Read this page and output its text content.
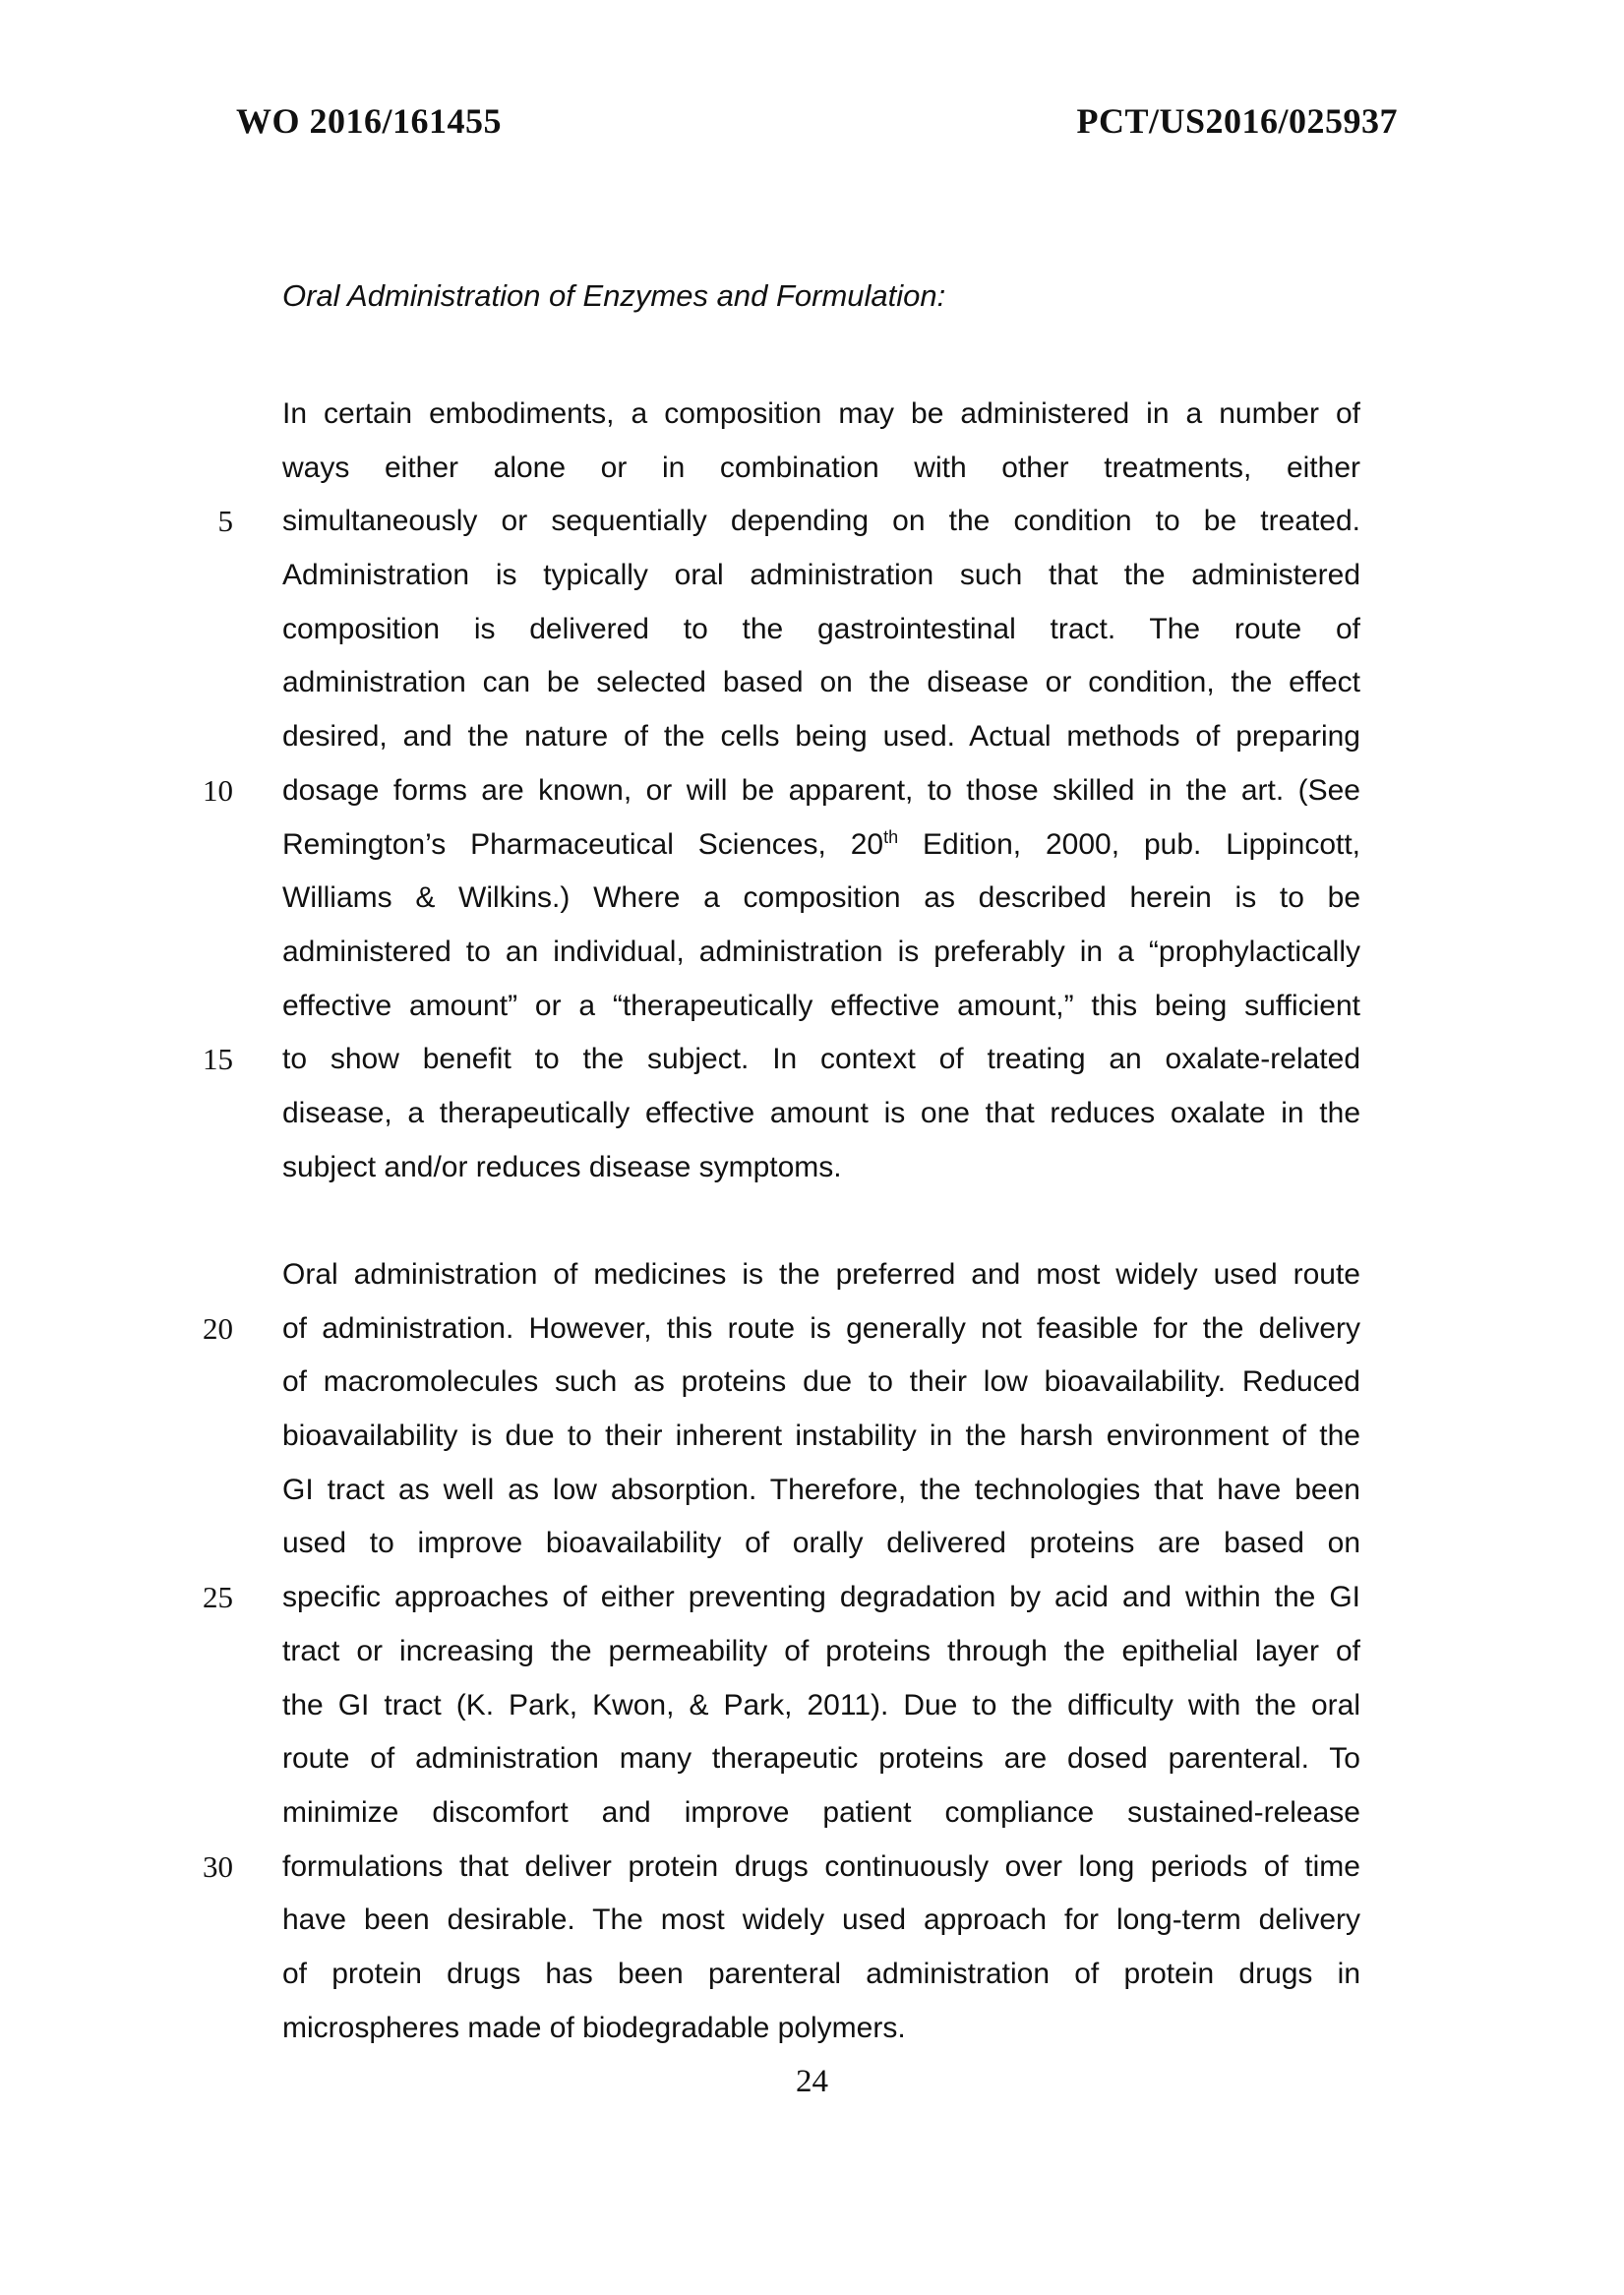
WO 2016/161455	PCT/US2016/025937
Oral Administration of Enzymes and Formulation:
In certain embodiments, a composition may be administered in a number of
ways either alone or in combination with other treatments, either
5 simultaneously or sequentially depending on the condition to be treated.
Administration is typically oral administration such that the administered
composition is delivered to the gastrointestinal tract. The route of
administration can be selected based on the disease or condition, the effect
desired, and the nature of the cells being used. Actual methods of preparing
10 dosage forms are known, or will be apparent, to those skilled in the art. (See
Remington’s Pharmaceutical Sciences, 20th Edition, 2000, pub. Lippincott,
Williams & Wilkins.) Where a composition as described herein is to be
administered to an individual, administration is preferably in a “prophylactically
effective amount” or a “therapeutically effective amount,” this being sufficient
15 to show benefit to the subject. In context of treating an oxalate-related
disease, a therapeutically effective amount is one that reduces oxalate in the
subject and/or reduces disease symptoms.
Oral administration of medicines is the preferred and most widely used route
20 of administration. However, this route is generally not feasible for the delivery
of macromolecules such as proteins due to their low bioavailability. Reduced
bioavailability is due to their inherent instability in the harsh environment of the
GI tract as well as low absorption. Therefore, the technologies that have been
used to improve bioavailability of orally delivered proteins are based on
25 specific approaches of either preventing degradation by acid and within the GI
tract or increasing the permeability of proteins through the epithelial layer of
the GI tract (K. Park, Kwon, & Park, 2011). Due to the difficulty with the oral
route of administration many therapeutic proteins are dosed parenteral. To
minimize discomfort and improve patient compliance sustained-release
30 formulations that deliver protein drugs continuously over long periods of time
have been desirable. The most widely used approach for long-term delivery
of protein drugs has been parenteral administration of protein drugs in
microspheres made of biodegradable polymers.
24
